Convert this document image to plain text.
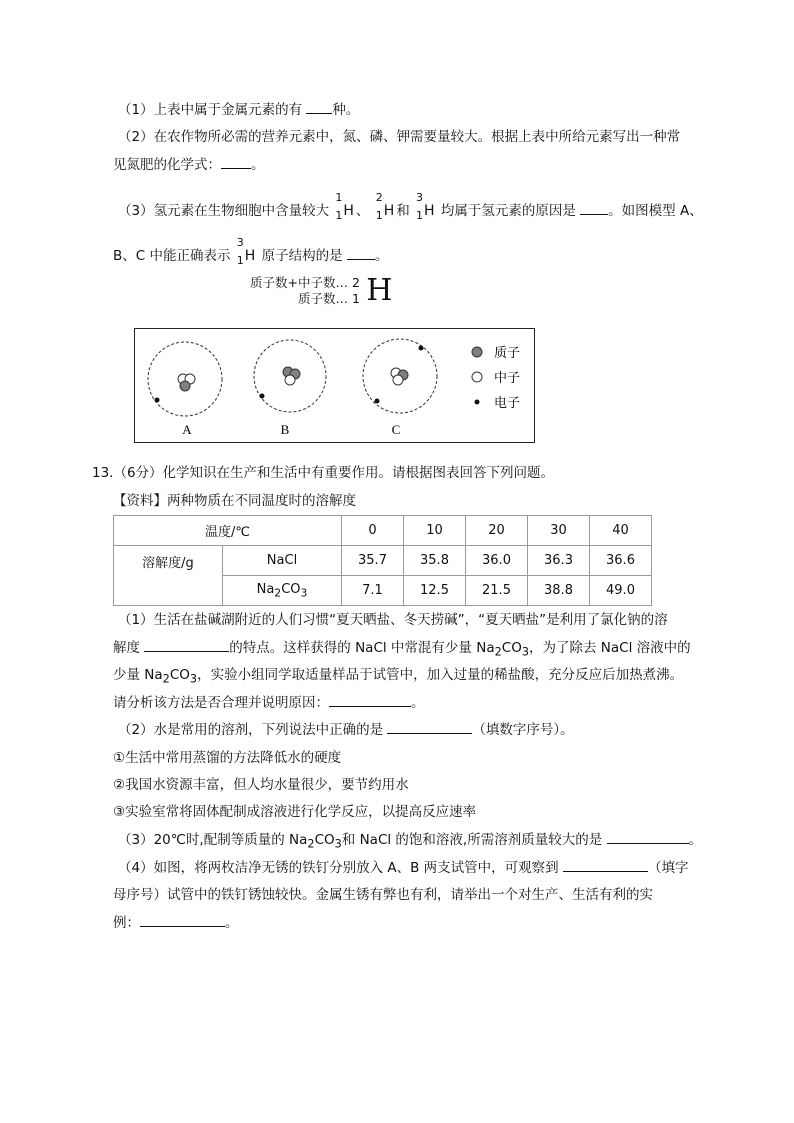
（1）上表中属于金属元素的有 种。
（2）在农作物所必需的营养元素中，氮、磷、钾需要量较大。根据上表中所给元素写出一种常
见氮肥的化学式： 。
（3）氢元素在生物细胞中含量较大
1
1 H 、
2
1 H 和
3
1 H 均属于氢元素的原因是 。如图模型 A、
B、C 中能正确表示
3
1 H 原子结构的是 。
质子数+中子数… 2
质子数… 1 H
A	B	C
质子
中子
电子
13.（6分）化学知识在生产和生活中有重要作用。请根据图表回答下列问题。
【资料】两种物质在不同温度时的溶解度
温度/℃		0	10	20	30	40
溶解度/g	NaCl	35.7	35.8	36.0	36.3	36.6
	$Na_2CO_3$	7.1	12.5	21.5	38.8	49.0
（1）生活在盐碱湖附近的人们习惯“夏天晒盐、冬天捞碱”，“夏天晒盐”是利用了氯化钠的溶
解度	的特点。这样获得的 NaCl 中常混有少量 $Na_2CO_3$，为了除去 NaCl 溶液中的
少量 $Na_2CO_3$，实验小组同学取适量样品于试管中，加入过量的稀盐酸，充分反应后加热煮沸。
请分析该方法是否合理并说明原因：	。
（2）水是常用的溶剂，下列说法中正确的是	（填数字序号）。
①生活中常用蒸馏的方法降低水的硬度
②我国水资源丰富，但人均水量很少，要节约用水
③实验室常将固体配制成溶液进行化学反应，以提高反应速率
（3）20℃时,配制等质量的 $Na_2CO_3$和 NaCl 的饱和溶液,所需溶剂质量较大的是	。
（4）如图，将两枚洁净无锈的铁钉分别放入 A、B 两支试管中，可观察到	（填字
母序号）试管中的铁钉锈蚀较快。金属生锈有弊也有利，请举出一个对生产、生活有利的实
例：	。
